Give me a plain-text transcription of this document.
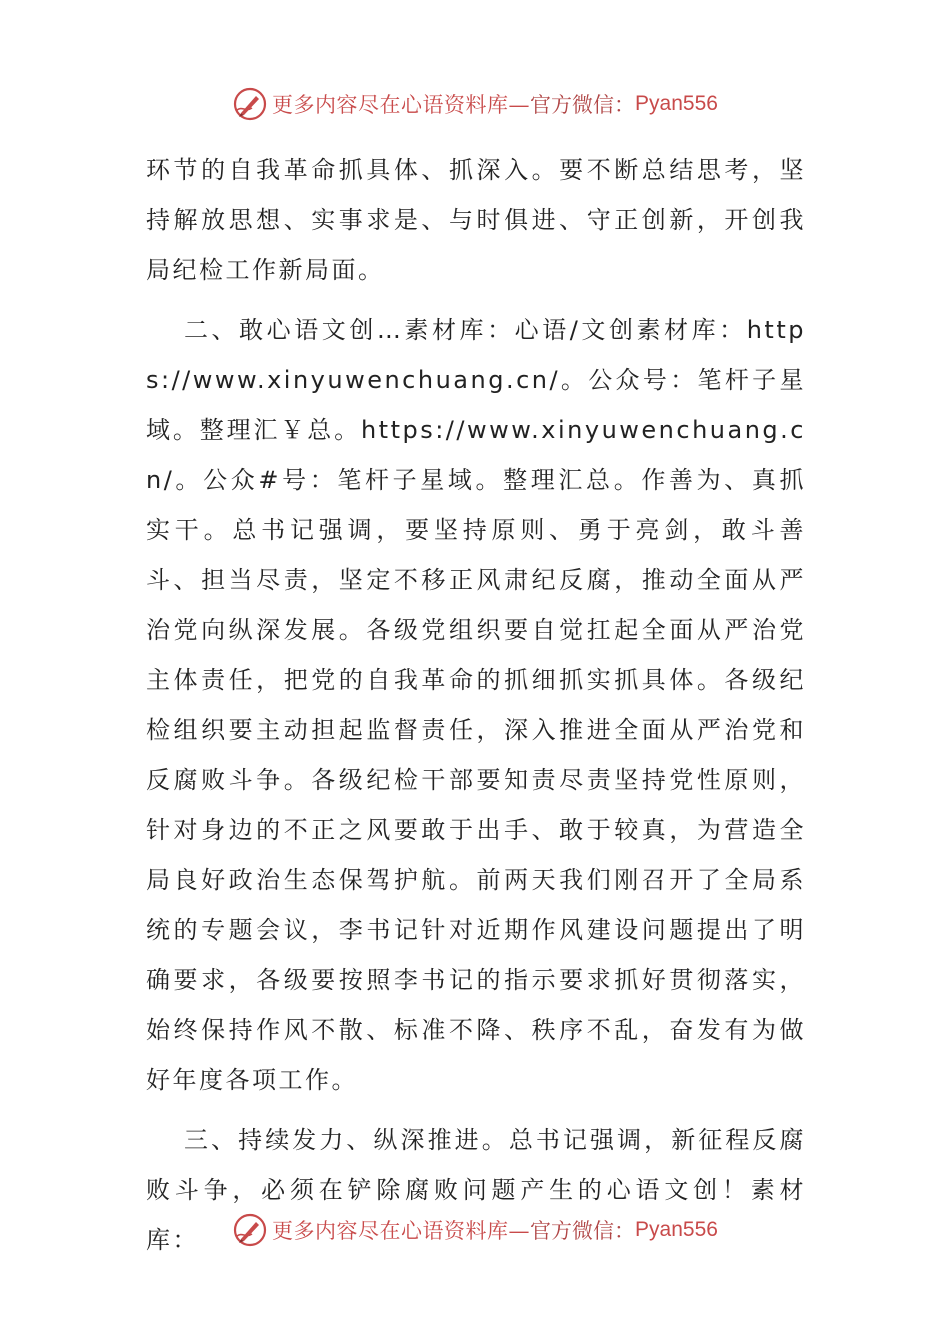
更多内容尽在心语资料库— 官方微信： Pyan556

环节的自我革命抓具体、抓深入。要不断总结思考，坚持解放思想、实事求是、与时俱进、守正创新，开创我局纪检工作新局面。

二、敢心语文创…素材库：心语/文创素材库：https://www.xinyuwenchuang.cn/。公众号：笔杆子星域。整理汇￥总。https://www.xinyuwenchuang.cn/。公众#号：笔杆子星域。整理汇总。作善为、真抓实干。总书记强调，要坚持原则、勇于亮剑，敢斗善斗、担当尽责，坚定不移正风肃纪反腐，推动全面从严治党向纵深发展。各级党组织要自觉扛起全面从严治党主体责任，把党的自我革命的抓细抓实抓具体。各级纪检组织要主动担起监督责任，深入推进全面从严治党和反腐败斗争。各级纪检干部要知责尽责坚持党性原则，针对身边的不正之风要敢于出手、敢于较真，为营造全局良好政治生态保驾护航。前两天我们刚召开了全局系统的专题会议，李书记针对近期作风建设问题提出了明确要求，各级要按照李书记的指示要求抓好贯彻落实，始终保持作风不散、标准不降、秩序不乱，奋发有为做好年度各项工作。

三、持续发力、纵深推进。总书记强调，新征程反腐败斗争，必须在铲除腐败问题产生的心语文创！素材库：	更多内容尽在心语资料库— 官方微信： Pyan556
